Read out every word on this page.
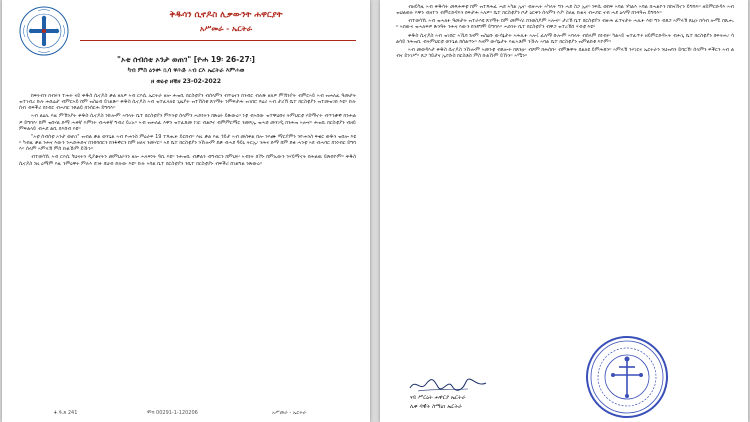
ቅዱሳን ሲኖዶስ ሊቃውንት ሐዋርያት
አሥመራ - ኤርትራ
"ኦቲ ሰብሰቲ ኦንታ ወጠገ" [ዮሐ 19፡ 26-27፡]
ካብ ምስ ዕንቊ ኪሳ ዋሕድ ኣብ ርእ ኤርትራ እምሐወ
ዘ ወዕቲ ዘቒዘ 23-02-2022

ከፍሩብን ክብሩን ተሐት ናይ ቅዱስ ሲኖዶስ ቃል ዘለዎ ኣብ ርእሲ ኤርትራ ዘሎ ሕዝቢ ክርስቲያን ብሰላምን ብጥዕናን ክንብር ብሉጽ ዘለዎ ምኽንያት ብምርኣይ ኣብ ዝሐለፈ ዓመታት ዝተገብረ ኩሉ ሐበሬታ ብምርኣይ ከም ዝስዕብ ይገልጽ። ቅዱስ ሲኖዶስ ኣብ ዝተፈላለዩ ጊዜያት ዝተኸስቱ ጸገማት ንምፍታሕ ዝገበሮ ጻዕሪ ኣብ ታሪኽ ቤተ ክርስቲያን ዝተመዝገበ እዩ። ኩሉ ሰብ ብፍቕሪ ክነብር ብሓባር ንጸልይ ክንሰርሕ ይግባእ።

ኣብ ልዕሊ እዚ ምኽንያት ቅዱስ ሲኖዶስ ንኩሎም ኣባላት ቤተ ክርስቲያን ምእንቲ ሰላምን ሓድነትን ክጽዕሩ ይጽውዕ። ነቲ ብኣበው ዝተዋህበና ትምህርቲ ሃይማኖት ብጥንቃቐ ክንሕልዎ ይግባእ፡ ከም ዝበሃል ድማ ሓቀኛ እምነት ብሓቀኛ ግብሪ ይረአ። ኣብ ዝሐለፈ እዋን ዝተፈጸመ ነገር ብልቦና ብምምርማር ንመጻኢ ዝሓሸ መንገዲ ክንሕዝ ኣሎና። ሕዝቢ ክርስቲያን ብዘይ ምፍልላይ ብሓደ ልቢ ክእከብ እዩ።

"ኦቲ ሰብሰቲ ኦንታ ወጠገ" ዝብል ቃል ወንጌል ኣብ ዮሐንስ ምዕራፍ 19 ተጻሒፉ ይርከብ። እዚ ቃል እዚ ጎይታ ኣብ መስቀል ከሎ ንእሙ ማርያምን ንዮሐንስ ፍቁር ወዱን ዝበሎ እዩ። ካብዚ ቃል ንሕና እውን ንሓድሕድና ክንከባበርን ክንፋቐርን ከም ዘለና ንመሃር። ኣደ ቤተ ክርስቲያን ንኹሎም ደቃ ብሓደ ዓይኒ ትርኢ፡ ንሕና ድማ ከም ደቂ ሓንቲ ኣደ ብሓባር ክንነብር ይግባእ። ሰላም ኣምላኽ ምስ ኩልኹም ይኹን።

ብተወሳኺ ኣብ ርእሲ ካህናትን ዲያቆናትን መምህራንን ዘሎ ሓላፍነት ዓቢ እዩ። ንሕዝቢ ብቓልን ብግብርን ክምህሩ፡ ኣብነት ክኾኑ ከምኡውን ንሃይማኖት ክሕልዉ ይጽበዮም። ቅዱስ ሲኖዶስ ነዚ ዕማም እዚ ንምዕዋት ምሉእ ደገፉ ክህብ ድሉው እዩ። ኩሉ ኣባል ቤተ ክርስቲያን ንቤተ ክርስቲያኑ ብፍቕሪ ከገልግል ንጽውዕ።

ፋ.ዓ.ጸ 241	ሞባ 00291-1-120206	አሥመራ - ኤርትራ

ብዘይካዚ ኣብ ቅዱሳት መጻሕፍቲ ከም ዝተጻሕፈ ሓደ ኣካል ኢና፡ ብዙሓት ኣካላት ግን ሓደ ስጋ ኢና። ነፍሲ ወከፍ ኣባል ንካልእ ኣባል ክሓልዮን ክከናኸኖን ይግባእ። ዘይምርድዳእ ኣብ ዝህልወሉ እዋን ብዘተን ብምርድዳእን ክፍታሕ ኣለዎ። ቤተ ክርስቲያን ቦታ ዕርቅን ሰላምን እያ፡ ስለዚ ኩልና ብሓባር ናብ ሓደ ዕላማ ክንጓዓዝ ይግባእ።

ብተወሳኺ ኣብ ዝሓለፉ ዓመታት ዝተራእዩ ጸገማት ከም መምሃሪ ክንወስዶም ኣሎና። ታሪኽ ቤተ ክርስቲያን ብዙሕ ፈተናታት ሓሊፉ እዩ፡ ግን ብጸጋ ኣምላኽ ጸኒዑ ክሳብ ሎሚ በጺሑ። ኣበውና ዝሓለፍዎ ጽንዓት ንሕና እውን ክንደግሞ ይግባእ። ሓድነት ቤተ ክርስቲያን ብዋጋ ዝተረኽበ ሃብቲ እዩ።

ቅዱስ ሲኖዶስ ኣብ ዝገበሮ ኣኼባ ነዞም ዝስዕቡ ውሳኔታት ኣሕሊፉ ኣሎ፤ ፈለማ ኩሎም ኣባላት ብሰላም ክነብሩ፡ ካልኣይ ዝተፈጥሩ ዘይምርድዳኣት ብሕጊ ቤተ ክርስቲያን ክፍትሑ፡ ሳልሳይ ንሕዝቢ ብትምህርቲ ወንጌል ከሰልጥኑ። እዞም ውሳኔታት እዚኣቶም ንኹሉ ኣባል ቤተ ክርስቲያን ዝምልከቱ እዮም።

ኣብ መወዳእታ ቅዱስ ሲኖዶስ ንኹሎም ኣመንቲ ብጸሎት ክጸንዑ፡ ብጾም ክሕሰቡ፡ ብምጽዋት ክልለዩ ይምሕጸን። ኣምላኽ ንሃገርና ኤርትራን ንህዝባን ይባርኽ፡ ሰላምን ፍቕርን ኣብ ልብና ይንገሥ። ጸጋ ጎይታና ኢየሱስ ክርስቶስ ምስ ኩልኹም ይኹን። ኣሜን።

ናይ ሥርዕት ሐዋርያ ኤርትራ
ሊቀ ዳዊት ስማዕነ ኤርትራ
